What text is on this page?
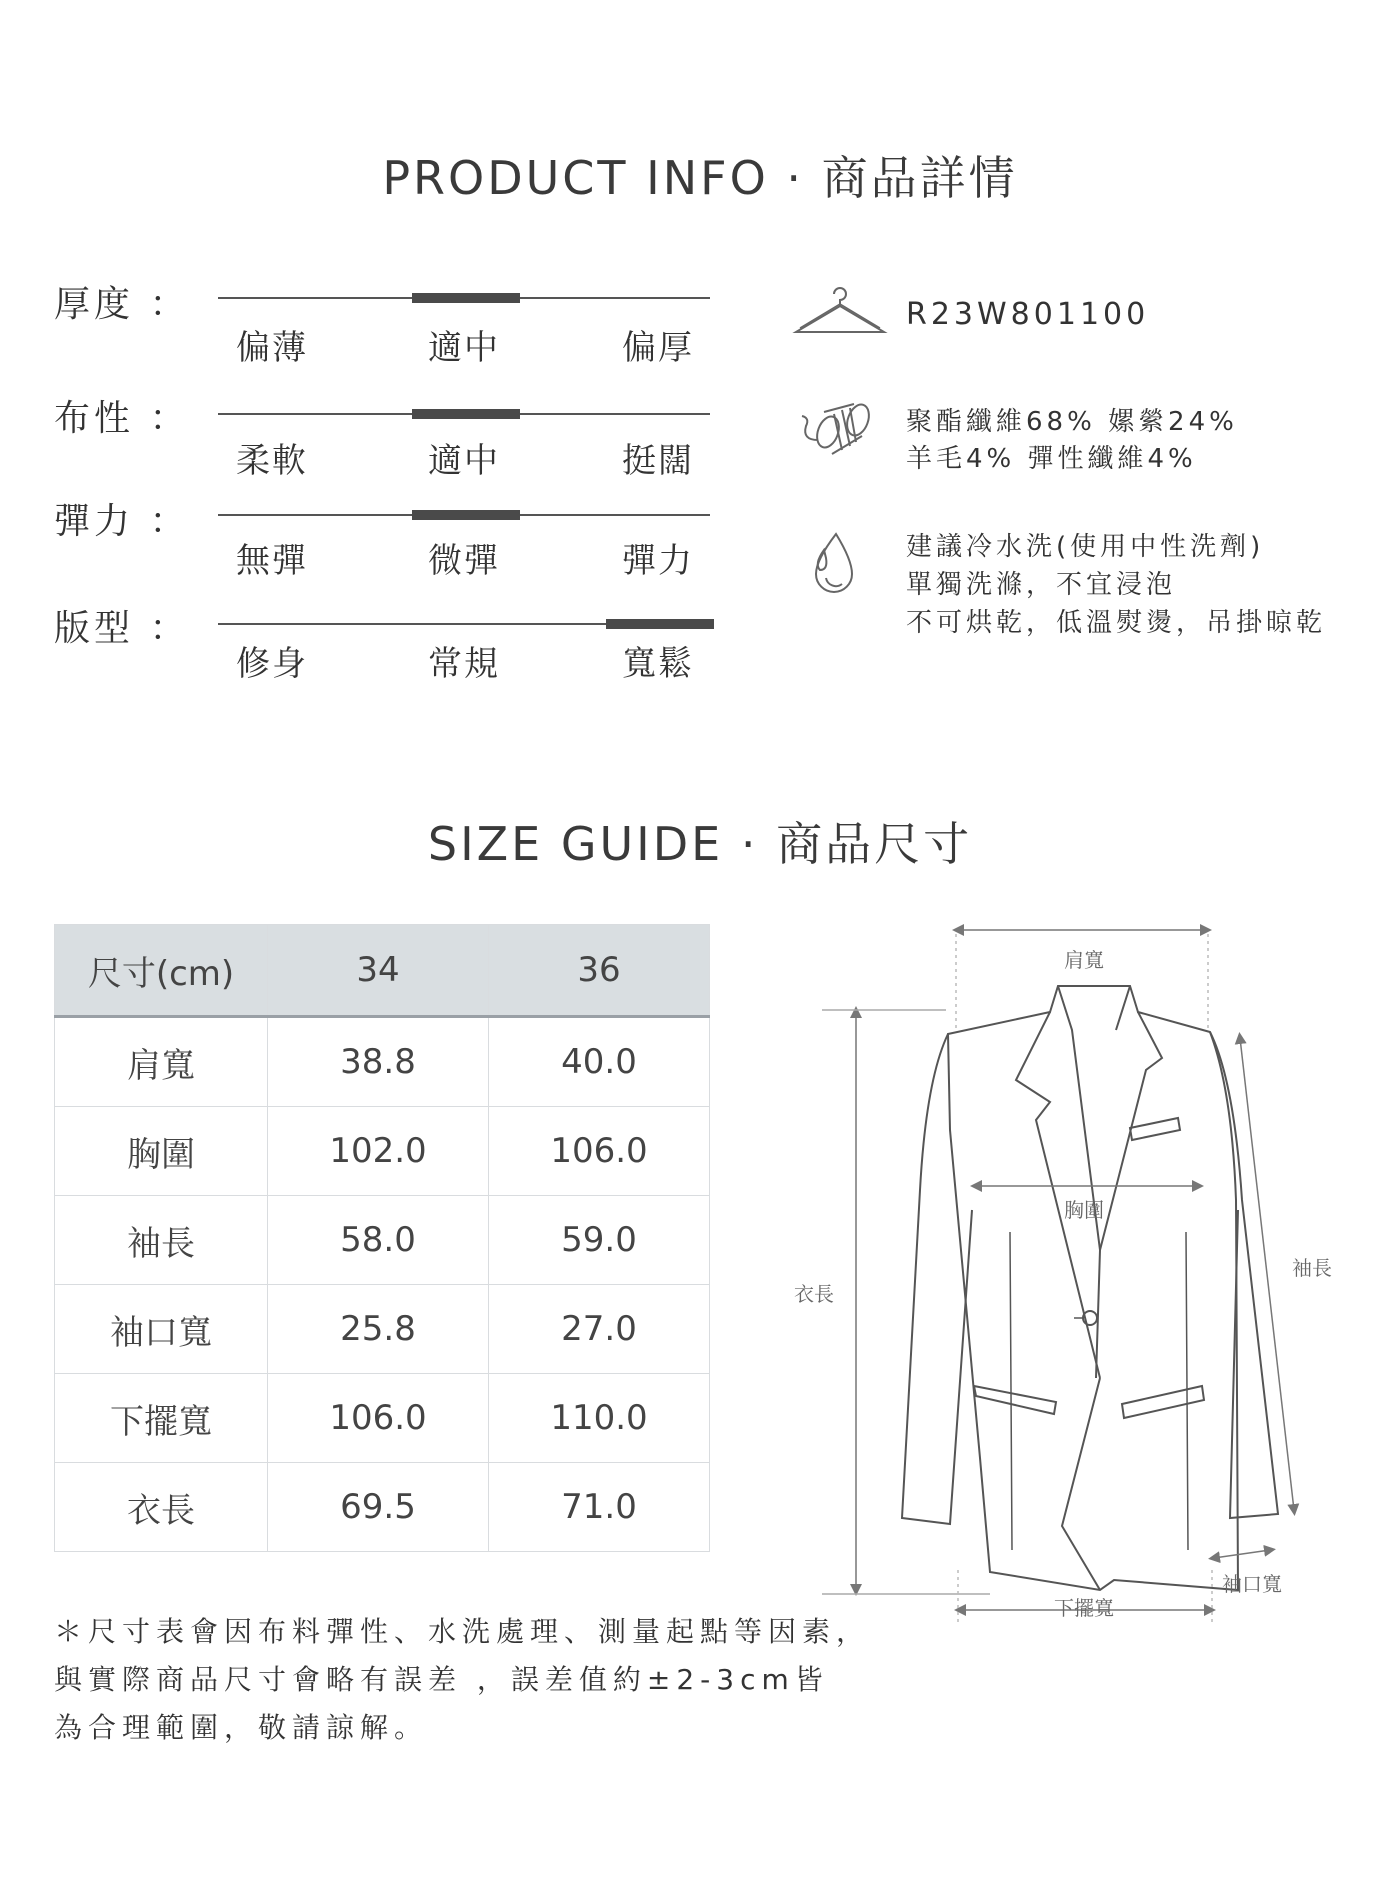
PRODUCT INFO · 商品詳情
厚度 ：
偏薄	適中	偏厚
布性 ：
柔軟	適中	挺闊
彈力 ：
無彈	微彈	彈力
版型 ：
修身	常規	寬鬆
R23W801100
聚酯纖維68% 嫘縈24%
羊毛4% 彈性纖維4%
建議冷水洗(使用中性洗劑)
單獨洗滌，不宜浸泡
不可烘乾，低溫熨燙，吊掛晾乾
SIZE GUIDE · 商品尺寸
尺寸(cm)	34	36
肩寬	38.8	40.0
胸圍	102.0	106.0
袖長	58.0	59.0
袖口寬	25.8	27.0
下擺寬	106.0	110.0
衣長	69.5	71.0
肩寬
胸圍
袖長
衣長
袖口寬
下擺寬
＊尺寸表會因布料彈性、水洗處理、測量起點等因素，
與實際商品尺寸會略有誤差 ，誤差值約±2-3cm皆
為合理範圍，敬請諒解。
